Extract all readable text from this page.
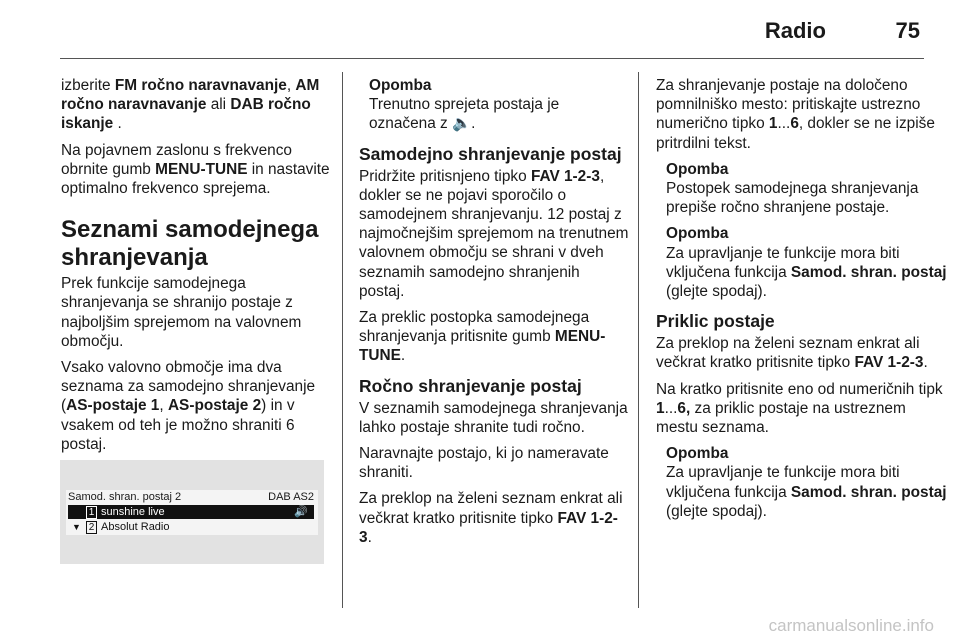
Radio	75

izberite FM ročno naravnavanje, AM ročno naravnavanje ali DAB ročno iskanje .

Na pojavnem zaslonu s frekvenco obrnite gumb MENU-TUNE in nastavite optimalno frekvenco sprejema.

Seznami samodejnega shranjevanja

Prek funkcije samodejnega shranjevanja se shranijo postaje z najboljšim sprejemom na valovnem območju.

Vsako valovno območje ima dva seznama za samodejno shranjevanje (AS-postaje 1, AS-postaje 2) in v vsakem od teh je možno shraniti 6 postaj.

Samod. shran. postaj 2	DAB AS2
1 sunshine live	🔊
▼ 2 Absolut Radio
Opomba
Trenutno sprejeta postaja je označena z 🔈.
Samodejno shranjevanje postaj

Pridržite pritisnjeno tipko FAV 1-2-3, dokler se ne pojavi sporočilo o samodejnem shranjevanju. 12 postaj z najmočnejšim sprejemom na trenutnem valovnem območju se shrani v dveh seznamih samodejno shranjenih postaj.

Za preklic postopka samodejnega shranjevanja pritisnite gumb MENU-TUNE.

Ročno shranjevanje postaj

V seznamih samodejnega shranjevanja lahko postaje shranite tudi ročno.

Naravnajte postajo, ki jo nameravate shraniti.

Za preklop na želeni seznam enkrat ali večkrat kratko pritisnite tipko FAV 1-2-3.

Za shranjevanje postaje na določeno pomnilniško mesto: pritiskajte ustrezno numerično tipko 1...6, dokler se ne izpiše pritrdilni tekst.

Opomba
Postopek samodejnega shranjevanja prepiše ročno shranjene postaje.
Opomba
Za upravljanje te funkcije mora biti vključena funkcija Samod. shran. postaj (glejte spodaj).
Priklic postaje

Za preklop na želeni seznam enkrat ali večkrat kratko pritisnite tipko FAV 1-2-3.

Na kratko pritisnite eno od numeričnih tipk 1...6, za priklic postaje na ustreznem mestu seznama.

Opomba
Za upravljanje te funkcije mora biti vključena funkcija Samod. shran. postaj (glejte spodaj).
carmanualsonline.info
